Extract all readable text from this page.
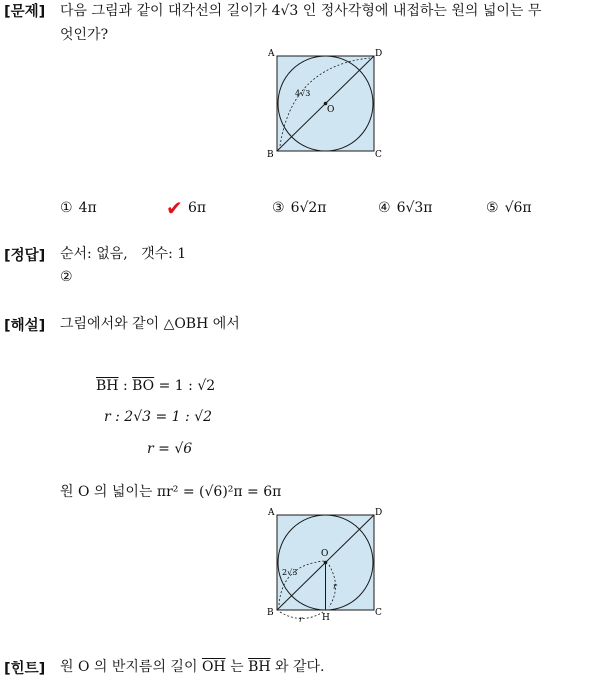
[문제] 다음 그림과 같이 대각선의 길이가 4√3 인 정사각형에 내접하는 원의 넓이는 무
엇인가?
A	D
B	C
O
4√3
① 4π	✔ 6π	③ 6√2π	④ 6√3π	⑤ √6π
[정답] 순서: 없음,   갯수: 1
②
[해설] 그림에서와 같이 △OBH 에서
$\overline{BH}$ : $\overline{BO} = 1$ : √2
r : 2√3 = 1 : √2
r = √6
원 O 의 넓이는 πr² = (√6)²π = 6π
A	D
B	C
O
H
2√3
r
r
[힌트] 원 O 의 반지름의 길이 $\overline{OH}$ 는 $\overline{BH}$ 와 같다.
